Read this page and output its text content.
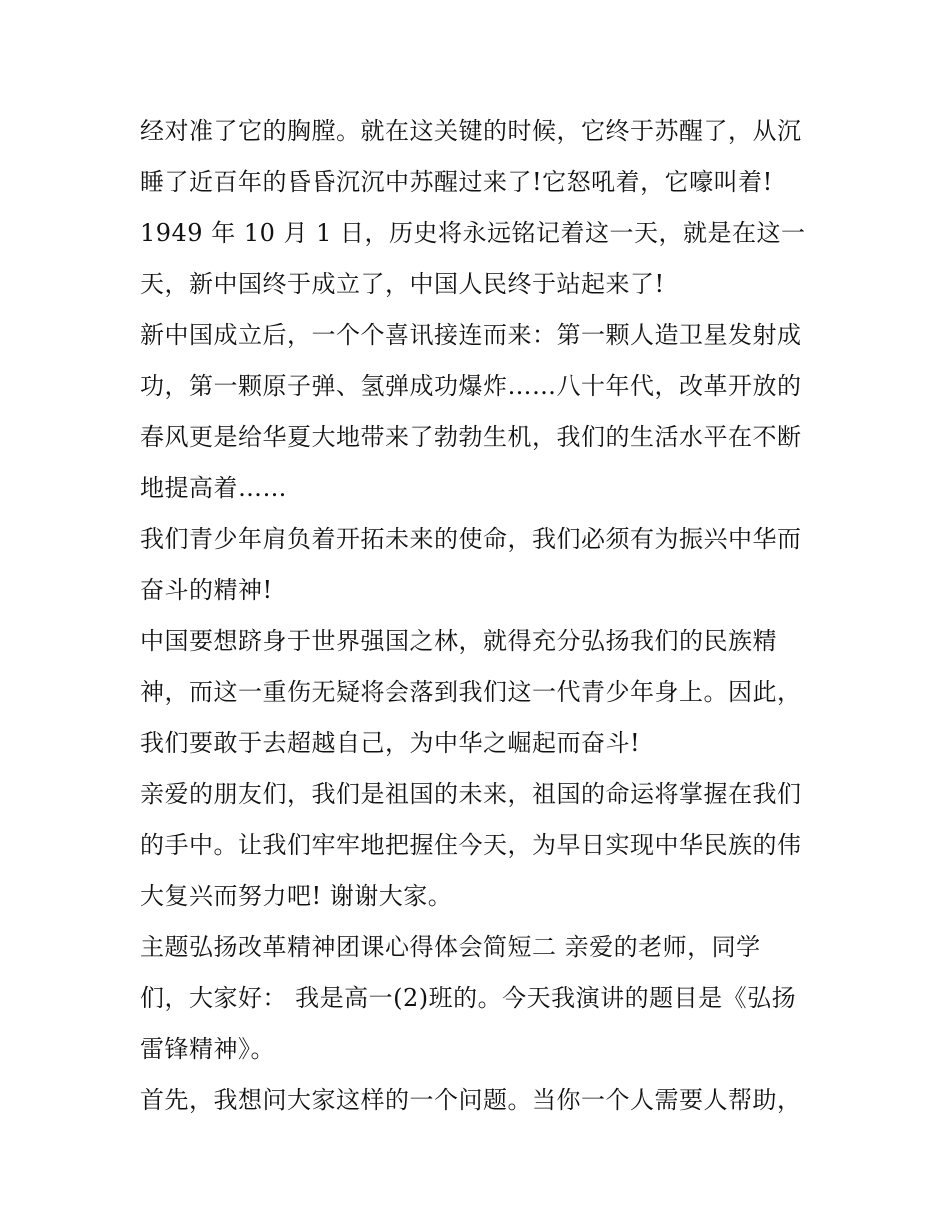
经对准了它的胸膛。就在这关键的时候，它终于苏醒了，从沉
睡了近百年的昏昏沉沉中苏醒过来了!它怒吼着，它嚎叫着!
1949 年 10 月 1 日，历史将永远铭记着这一天，就是在这一
天，新中国终于成立了，中国人民终于站起来了!
新中国成立后，一个个喜讯接连而来：第一颗人造卫星发射成
功，第一颗原子弹、氢弹成功爆炸……八十年代，改革开放的
春风更是给华夏大地带来了勃勃生机，我们的生活水平在不断
地提高着……
我们青少年肩负着开拓未来的使命，我们必须有为振兴中华而
奋斗的精神!
中国要想跻身于世界强国之林，就得充分弘扬我们的民族精
神，而这一重伤无疑将会落到我们这一代青少年身上。因此，
我们要敢于去超越自己，为中华之崛起而奋斗!
亲爱的朋友们，我们是祖国的未来，祖国的命运将掌握在我们
的手中。让我们牢牢地把握住今天，为早日实现中华民族的伟
大复兴而努力吧! 谢谢大家。
主题弘扬改革精神团课心得体会简短二 亲爱的老师，同学
们，大家好： 我是高一(2)班的。今天我演讲的题目是《弘扬
雷锋精神》。
首先，我想问大家这样的一个问题。当你一个人需要人帮助，
